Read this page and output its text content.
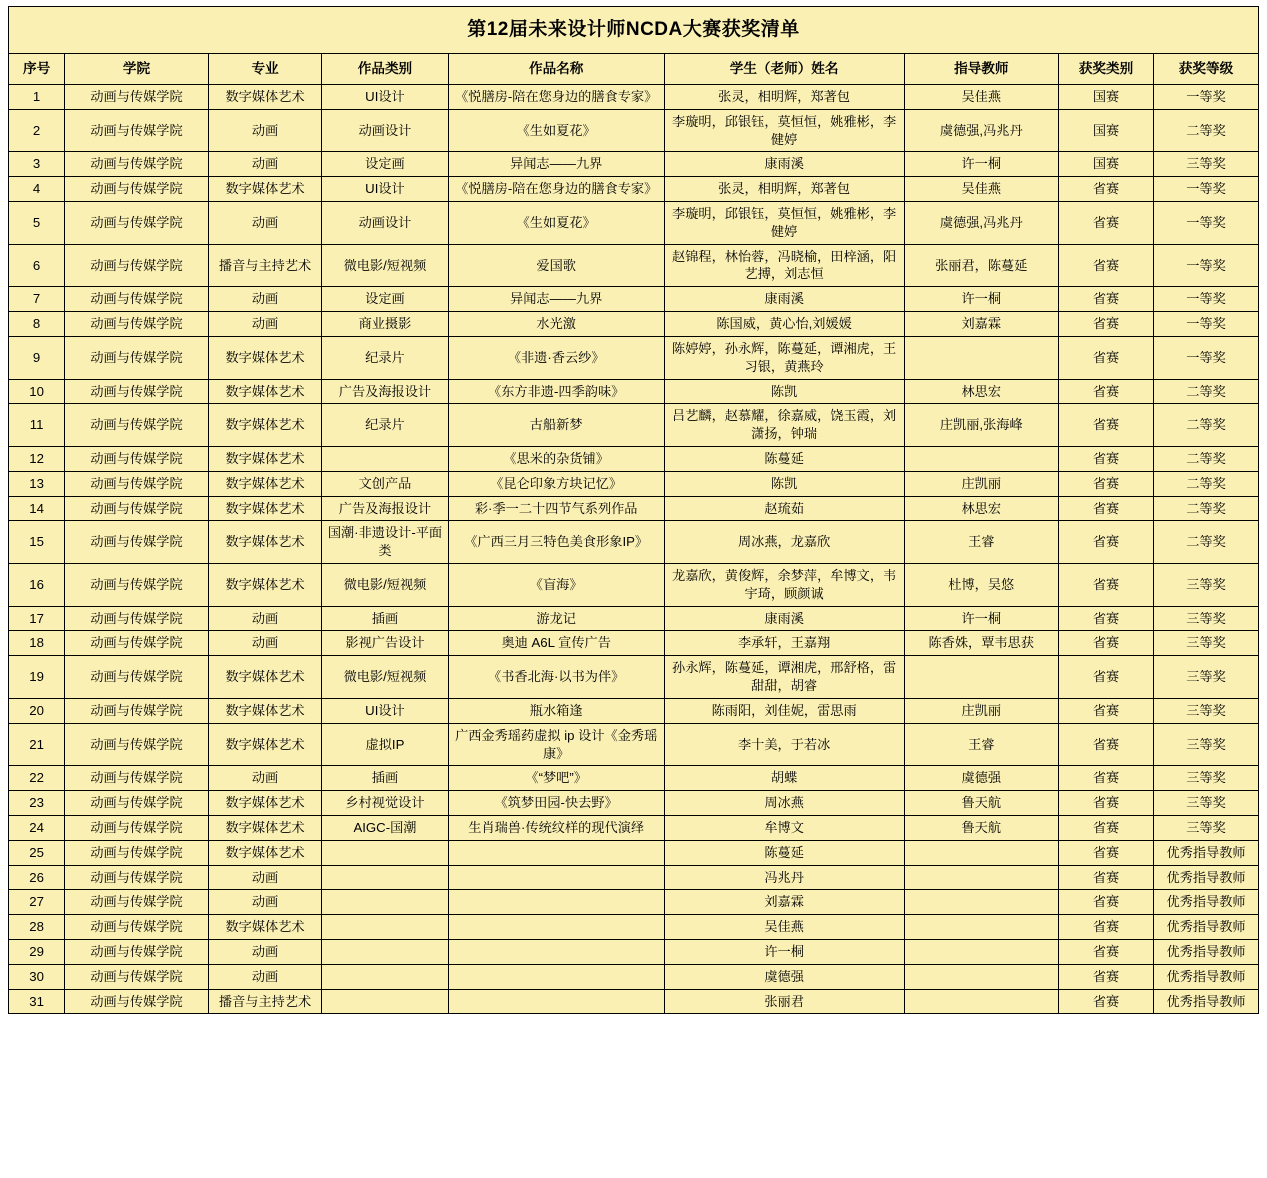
第12届未来设计师NCDA大赛获奖清单								
序号	学院	专业	作品类别	作品名称	学生（老师）姓名	指导教师	获奖类别	获奖等级
1	动画与传媒学院	数字媒体艺术	UI设计	《悦膳房-陪在您身边的膳食专家》	张灵，相明辉，郑著包	吴佳燕	国赛	一等奖
2	动画与传媒学院	动画	动画设计	《生如夏花》	李璇明，邱银钰，莫恒恒，姚雅彬，李健婷	虞德强,冯兆丹	国赛	二等奖
3	动画与传媒学院	动画	设定画	异闻志——九界	康雨溪	许一桐	国赛	三等奖
4	动画与传媒学院	数字媒体艺术	UI设计	《悦膳房-陪在您身边的膳食专家》	张灵，相明辉，郑著包	吴佳燕	省赛	一等奖
5	动画与传媒学院	动画	动画设计	《生如夏花》	李璇明，邱银钰，莫恒恒，姚雅彬，李健婷	虞德强,冯兆丹	省赛	一等奖
6	动画与传媒学院	播音与主持艺术	微电影/短视频	爱国歌	赵锦程，林怡蓉，冯晓榆，田梓涵，阳艺搏，刘志恒	张丽君，陈蔓延	省赛	一等奖
7	动画与传媒学院	动画	设定画	异闻志——九界	康雨溪	许一桐	省赛	一等奖
8	动画与传媒学院	动画	商业摄影	水光激	陈国威，黄心怡,刘媛媛	刘嘉霖	省赛	一等奖
9	动画与传媒学院	数字媒体艺术	纪录片	《非遗·香云纱》	陈婷婷，孙永辉，陈蔓延，谭湘虎，王习银，黄燕玲		省赛	一等奖
10	动画与传媒学院	数字媒体艺术	广告及海报设计	《东方非遗-四季韵味》	陈凯	林思宏	省赛	二等奖
11	动画与传媒学院	数字媒体艺术	纪录片	古船新梦	吕艺麟，赵慕耀，徐嘉威，饶玉霞，刘潇扬，钟瑞	庄凯丽,张海峰	省赛	二等奖
12	动画与传媒学院	数字媒体艺术		《思米的杂货铺》	陈蔓延		省赛	二等奖
13	动画与传媒学院	数字媒体艺术	文创产品	《昆仑印象方块记忆》	陈凯	庄凯丽	省赛	二等奖
14	动画与传媒学院	数字媒体艺术	广告及海报设计	彩·季一二十四节气系列作品	赵琉茹	林思宏	省赛	二等奖
15	动画与传媒学院	数字媒体艺术	国潮·非遗设计-平面类	《广西三月三特色美食形象IP》	周冰燕，龙嘉欣	王睿	省赛	二等奖
16	动画与传媒学院	数字媒体艺术	微电影/短视频	《盲海》	龙嘉欣，黄俊辉，余梦萍，牟博文，韦宇琦，顾颜诚	杜博，吴悠	省赛	三等奖
17	动画与传媒学院	动画	插画	游龙记	康雨溪	许一桐	省赛	三等奖
18	动画与传媒学院	动画	影视广告设计	奥迪 A6L 宣传广告	李承轩，王嘉翔	陈香姝，覃韦思获	省赛	三等奖
19	动画与传媒学院	数字媒体艺术	微电影/短视频	《书香北海·以书为伴》	孙永辉，陈蔓延，谭湘虎，邢舒格，雷甜甜，胡睿		省赛	三等奖
20	动画与传媒学院	数字媒体艺术	UI设计	瓶水箱逢	陈雨阳，刘佳妮，雷思雨	庄凯丽	省赛	三等奖
21	动画与传媒学院	数字媒体艺术	虚拟IP	广西金秀瑶药虚拟 ip 设计《金秀瑶康》	李十美，于若冰	王睿	省赛	三等奖
22	动画与传媒学院	动画	插画	《“梦吧”》	胡蝶	虞德强	省赛	三等奖
23	动画与传媒学院	数字媒体艺术	乡村视觉设计	《筑梦田园-快去野》	周冰燕	鲁天航	省赛	三等奖
24	动画与传媒学院	数字媒体艺术	AIGC-国潮	生肖瑞兽·传统纹样的现代演绎	牟博文	鲁天航	省赛	三等奖
25	动画与传媒学院	数字媒体艺术			陈蔓延		省赛	优秀指导教师
26	动画与传媒学院	动画			冯兆丹		省赛	优秀指导教师
27	动画与传媒学院	动画			刘嘉霖		省赛	优秀指导教师
28	动画与传媒学院	数字媒体艺术			吴佳燕		省赛	优秀指导教师
29	动画与传媒学院	动画			许一桐		省赛	优秀指导教师
30	动画与传媒学院	动画			虞德强		省赛	优秀指导教师
31	动画与传媒学院	播音与主持艺术			张丽君		省赛	优秀指导教师
